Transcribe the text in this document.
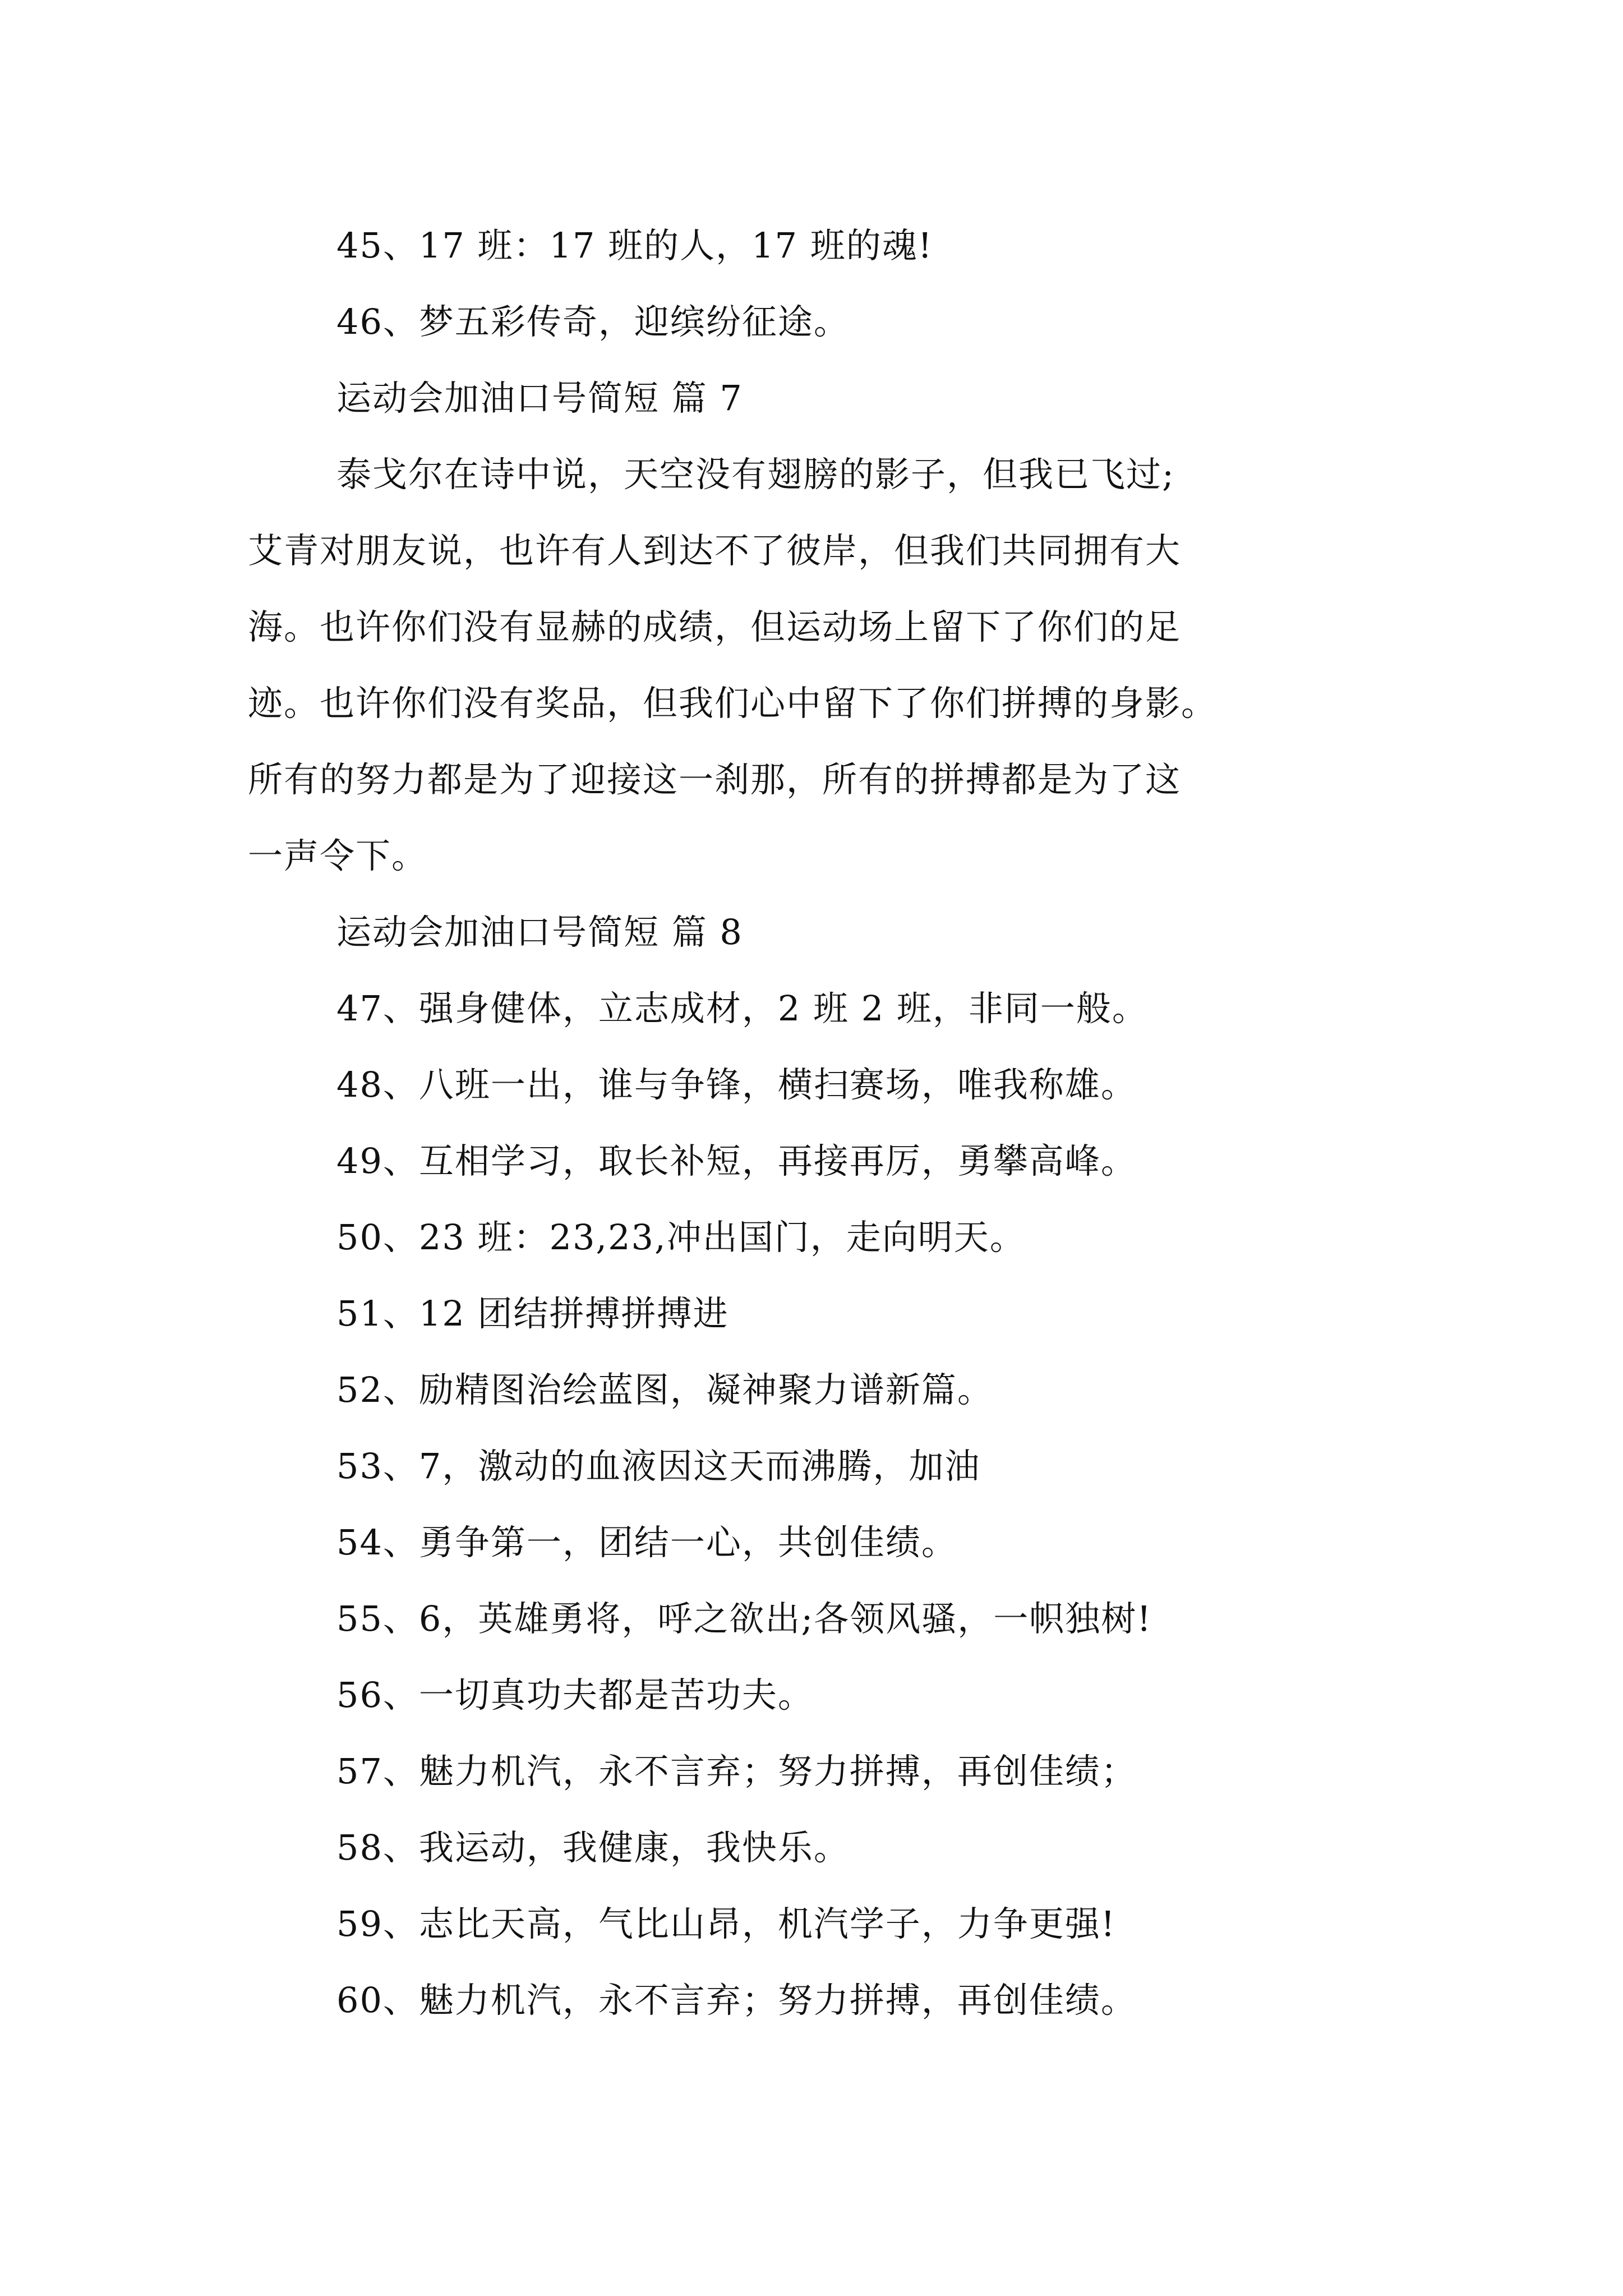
45、17 班：17 班的人，17 班的魂!
46、梦五彩传奇，迎缤纷征途。
运动会加油口号简短 篇 7
泰戈尔在诗中说，天空没有翅膀的影子，但我已飞过;
艾青对朋友说，也许有人到达不了彼岸，但我们共同拥有大
海。也许你们没有显赫的成绩，但运动场上留下了你们的足
迹。也许你们没有奖品，但我们心中留下了你们拼搏的身影。
所有的努力都是为了迎接这一刹那，所有的拼搏都是为了这
一声令下。
运动会加油口号简短 篇 8
47、强身健体，立志成材，2 班 2 班，非同一般。
48、八班一出，谁与争锋，横扫赛场，唯我称雄。
49、互相学习，取长补短，再接再厉，勇攀高峰。
50、23 班：23,23,冲出国门，走向明天。
51、12 团结拼搏拼搏进
52、励精图治绘蓝图，凝神聚力谱新篇。
53、7，激动的血液因这天而沸腾，加油
54、勇争第一，团结一心，共创佳绩。
55、6，英雄勇将，呼之欲出;各领风骚，一帜独树!
56、一切真功夫都是苦功夫。
57、魅力机汽，永不言弃；努力拼搏，再创佳绩；
58、我运动，我健康，我快乐。
59、志比天高，气比山昂，机汽学子，力争更强!
60、魅力机汽，永不言弃；努力拼搏，再创佳绩。
